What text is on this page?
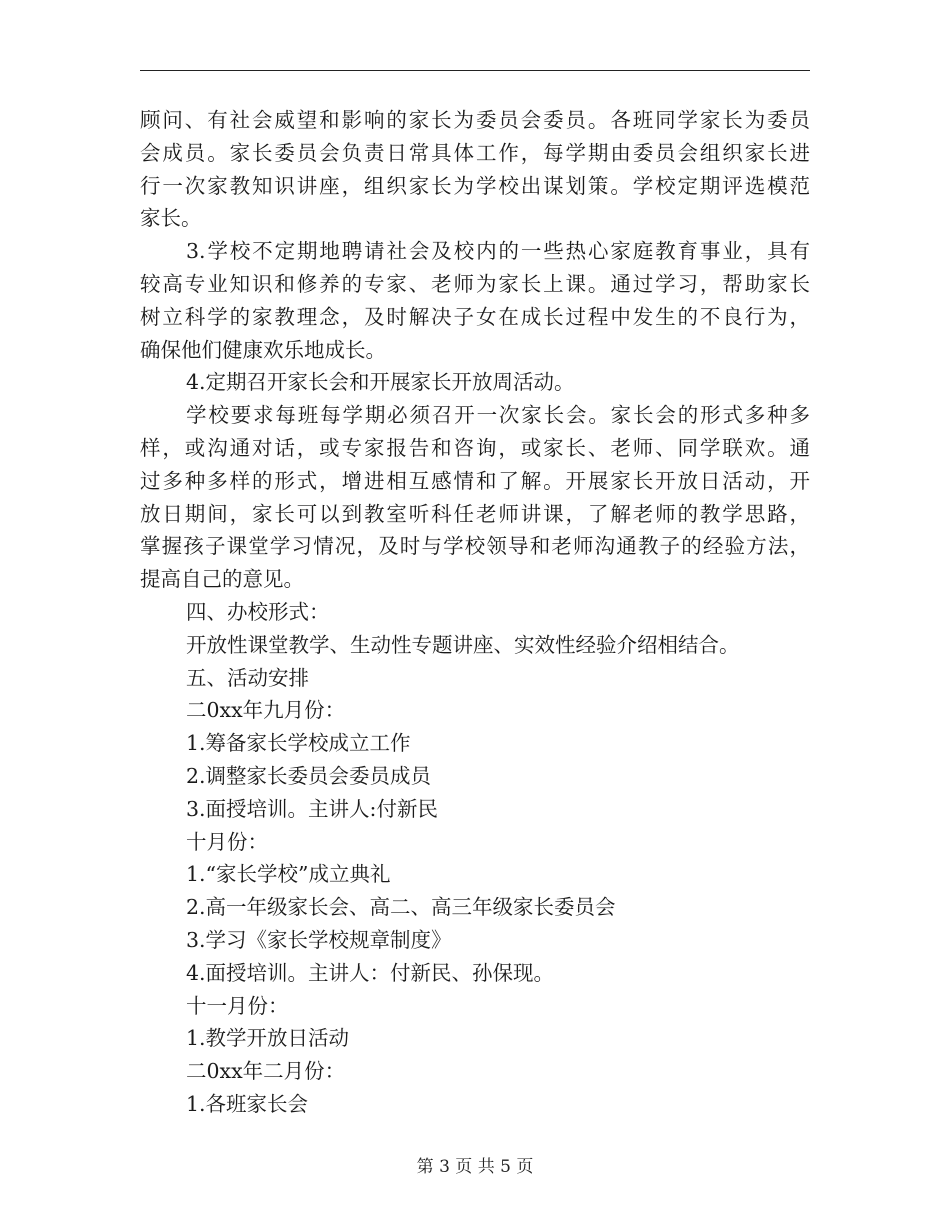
顾问、有社会威望和影响的家长为委员会委员。各班同学家长为委员
会成员。家长委员会负责日常具体工作，每学期由委员会组织家长进
行一次家教知识讲座，组织家长为学校出谋划策。学校定期评选模范
家长。
3.学校不定期地聘请社会及校内的一些热心家庭教育事业，具有
较高专业知识和修养的专家、老师为家长上课。通过学习，帮助家长
树立科学的家教理念，及时解决子女在成长过程中发生的不良行为，
确保他们健康欢乐地成长。
4.定期召开家长会和开展家长开放周活动。
学校要求每班每学期必须召开一次家长会。家长会的形式多种多
样，或沟通对话，或专家报告和咨询，或家长、老师、同学联欢。通
过多种多样的形式，增进相互感情和了解。开展家长开放日活动，开
放日期间，家长可以到教室听科任老师讲课，了解老师的教学思路，
掌握孩子课堂学习情况，及时与学校领导和老师沟通教子的经验方法，
提高自己的意见。
四、办校形式：
开放性课堂教学、生动性专题讲座、实效性经验介绍相结合。
五、活动安排
二0xx年九月份：
1.筹备家长学校成立工作
2.调整家长委员会委员成员
3.面授培训。主讲人:付新民
十月份：
1.“家长学校”成立典礼
2.高一年级家长会、高二、高三年级家长委员会
3.学习《家长学校规章制度》
4.面授培训。主讲人：付新民、孙保现。
十一月份：
1.教学开放日活动
二0xx年二月份：
1.各班家长会
第 3 页 共 5 页
